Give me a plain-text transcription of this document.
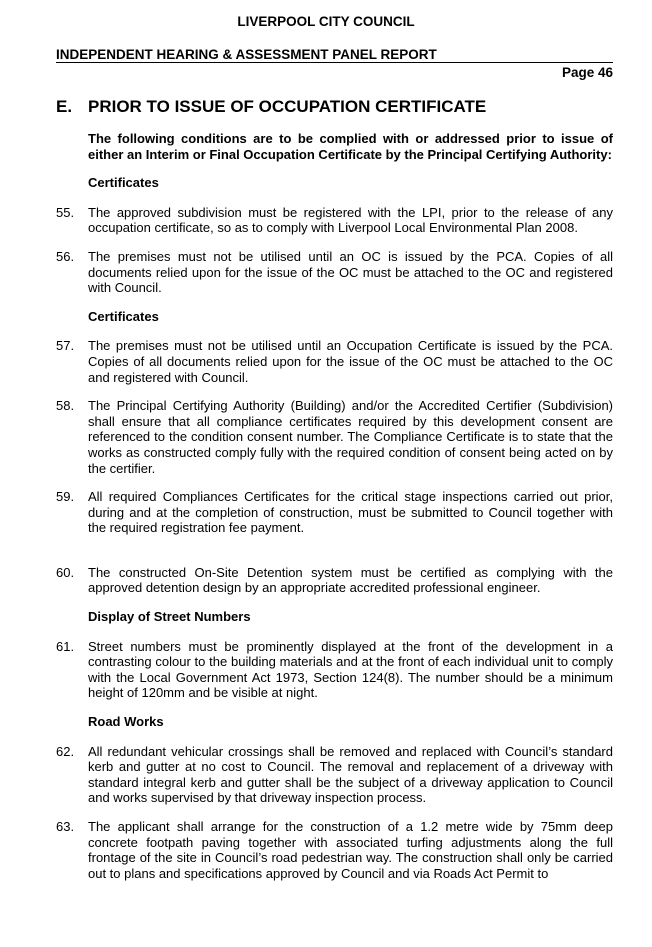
LIVERPOOL CITY COUNCIL
INDEPENDENT HEARING & ASSESSMENT PANEL REPORT
Page 46
E. PRIOR TO ISSUE OF OCCUPATION CERTIFICATE

The following conditions are to be complied with or addressed prior to issue of either an Interim or Final Occupation Certificate by the Principal Certifying Authority:

Certificates
55.	The approved subdivision must be registered with the LPI, prior to the release of any occupation certificate, so as to comply with Liverpool Local Environmental Plan 2008.
56.	The premises must not be utilised until an OC is issued by the PCA. Copies of all documents relied upon for the issue of the OC must be attached to the OC and registered with Council.
Certificates
57.	The premises must not be utilised until an Occupation Certificate is issued by the PCA. Copies of all documents relied upon for the issue of the OC must be attached to the OC and registered with Council.
58.	The Principal Certifying Authority (Building) and/or the Accredited Certifier (Subdivision) shall ensure that all compliance certificates required by this development consent are referenced to the condition consent number. The Compliance Certificate is to state that the works as constructed comply fully with the required condition of consent being acted on by the certifier.
59.	All required Compliances Certificates for the critical stage inspections carried out prior, during and at the completion of construction, must be submitted to Council together with the required registration fee payment.
60.	The constructed On-Site Detention system must be certified as complying with the approved detention design by an appropriate accredited professional engineer.
Display of Street Numbers
61.	Street numbers must be prominently displayed at the front of the development in a contrasting colour to the building materials and at the front of each individual unit to comply with the Local Government Act 1973, Section 124(8). The number should be a minimum height of 120mm and be visible at night.
Road Works
62.	All redundant vehicular crossings shall be removed and replaced with Council’s standard kerb and gutter at no cost to Council. The removal and replacement of a driveway with standard integral kerb and gutter shall be the subject of a driveway application to Council and works supervised by that driveway inspection process.
63.	The applicant shall arrange for the construction of a 1.2 metre wide by 75mm deep concrete footpath paving together with associated turfing adjustments along the full frontage of the site in Council’s road pedestrian way. The construction shall only be carried out to plans and specifications approved by Council and via Roads Act Permit to
